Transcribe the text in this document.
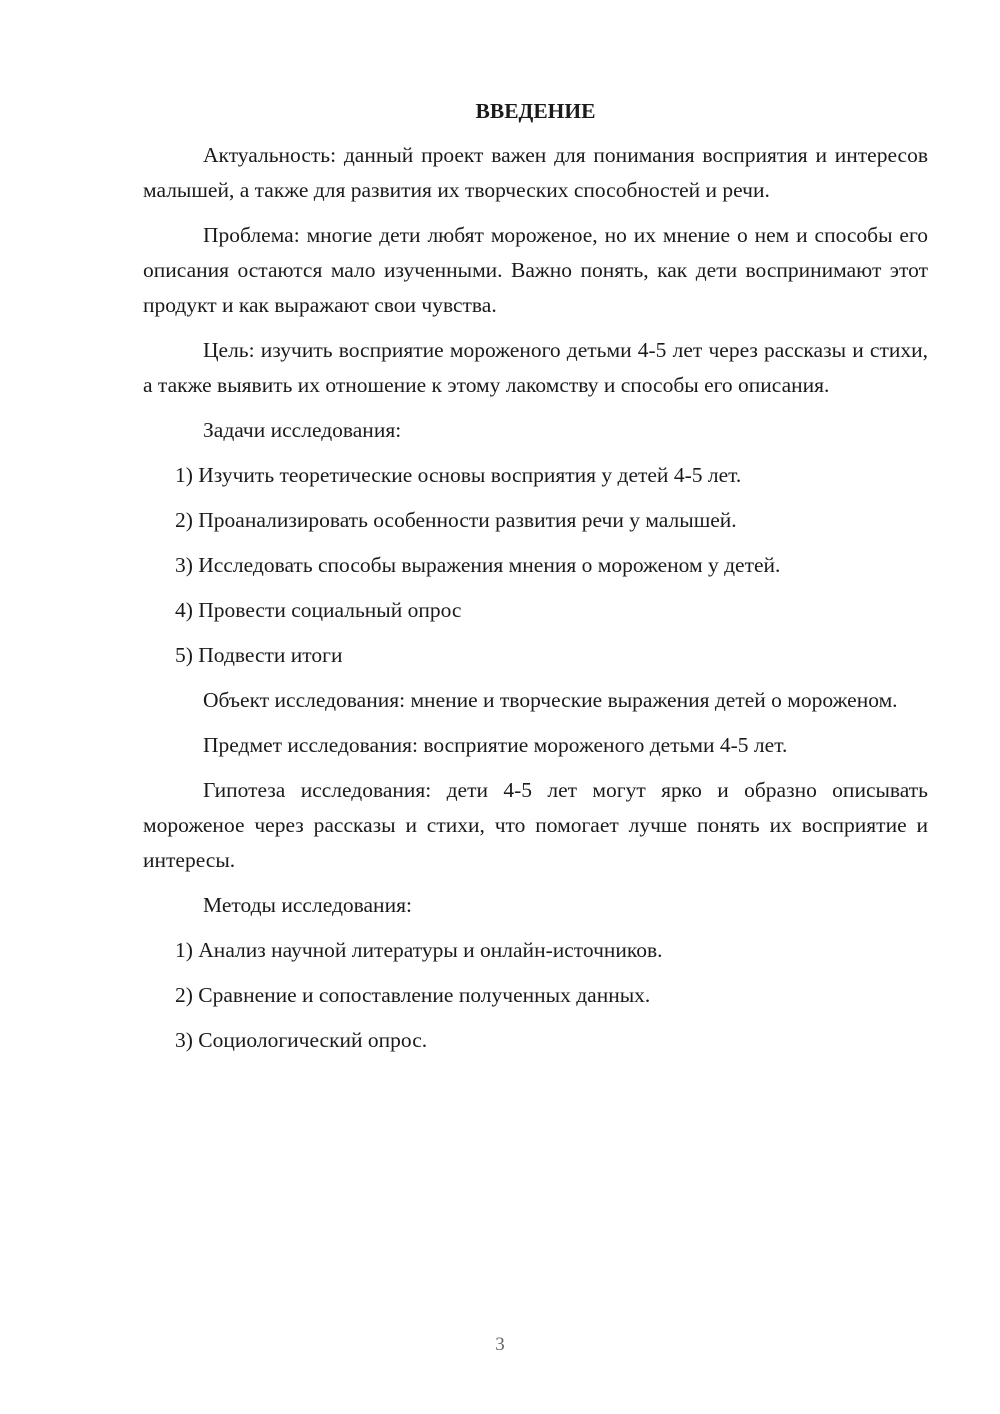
ВВЕДЕНИЕ
Актуальность: данный проект важен для понимания восприятия и интересов малышей, а также для развития их творческих способностей и речи.
Проблема: многие дети любят мороженое, но их мнение о нем и способы его описания остаются мало изученными. Важно понять, как дети воспринимают этот продукт и как выражают свои чувства.
Цель: изучить восприятие мороженого детьми 4-5 лет через рассказы и стихи, а также выявить их отношение к этому лакомству и способы его описания.
Задачи исследования:
1) Изучить теоретические основы восприятия у детей 4-5 лет.
2) Проанализировать особенности развития речи у малышей.
3) Исследовать способы выражения мнения о мороженом у детей.
4) Провести социальный опрос
5) Подвести итоги
Объект исследования: мнение и творческие выражения детей о мороженом.
Предмет исследования: восприятие мороженого детьми 4-5 лет.
Гипотеза исследования: дети 4-5 лет могут ярко и образно описывать мороженое через рассказы и стихи, что помогает лучше понять их восприятие и интересы.
Методы исследования:
1) Анализ научной литературы и онлайн-источников.
2) Сравнение и сопоставление полученных данных.
3) Социологический опрос.
3
